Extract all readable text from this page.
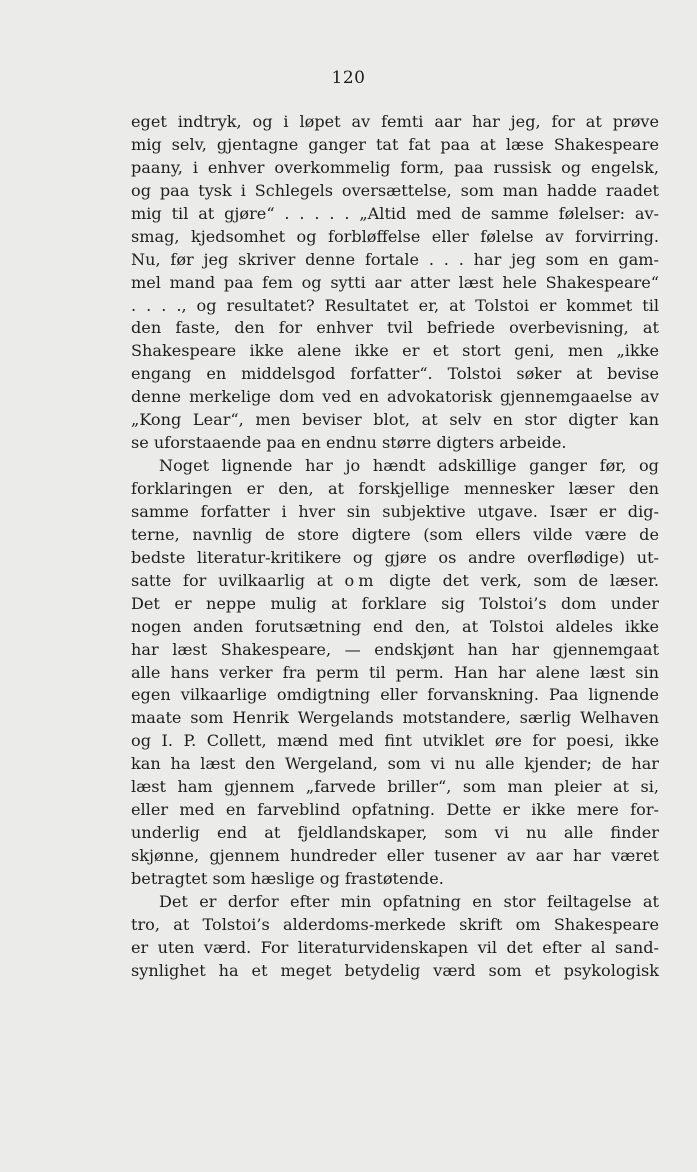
120
eget indtryk, og i løpet av femti aar har jeg, for at prøve
mig selv, gjentagne ganger tat fat paa at læse Shakespeare
paany, i enhver overkommelig form, paa russisk og engelsk,
og paa tysk i Schlegels oversættelse, som man hadde raadet
mig til at gjøre“ . . . . . „Altid med de samme følelser: av-
smag, kjedsomhet og forbløffelse eller følelse av forvirring.
Nu, før jeg skriver denne fortale . . . har jeg som en gam-
mel mand paa fem og sytti aar atter læst hele Shakespeare“
. . . ., og resultatet? Resultatet er, at Tolstoi er kommet til
den faste, den for enhver tvil befriede overbevisning, at
Shakespeare ikke alene ikke er et stort geni, men „ikke
engang en middelsgod forfatter“. Tolstoi søker at bevise
denne merkelige dom ved en advokatorisk gjennemgaaelse av
„Kong Lear“, men beviser blot, at selv en stor digter kan
se uforstaaende paa en endnu større digters arbeide.
Noget lignende har jo hændt adskillige ganger før, og
forklaringen er den, at forskjellige mennesker læser den
samme forfatter i hver sin subjektive utgave. Især er dig-
terne, navnlig de store digtere (som ellers vilde være de
bedste literatur-kritikere og gjøre os andre overflødige) ut-
satte for uvilkaarlig at om digte det verk, som de læser.
Det er neppe mulig at forklare sig Tolstoi’s dom under
nogen anden forutsætning end den, at Tolstoi aldeles ikke
har læst Shakespeare, — endskjønt han har gjennemgaat
alle hans verker fra perm til perm. Han har alene læst sin
egen vilkaarlige omdigtning eller forvanskning. Paa lignende
maate som Henrik Wergelands motstandere, særlig Welhaven
og I. P. Collett, mænd med fint utviklet øre for poesi, ikke
kan ha læst den Wergeland, som vi nu alle kjender; de har
læst ham gjennem „farvede briller“, som man pleier at si,
eller med en farveblind opfatning. Dette er ikke mere for-
underlig end at fjeldlandskaper, som vi nu alle finder
skjønne, gjennem hundreder eller tusener av aar har været
betragtet som hæslige og frastøtende.
Det er derfor efter min opfatning en stor feiltagelse at
tro, at Tolstoi’s alderdoms-merkede skrift om Shakespeare
er uten værd. For literaturvidenskapen vil det efter al sand-
synlighet ha et meget betydelig værd som et psykologisk
